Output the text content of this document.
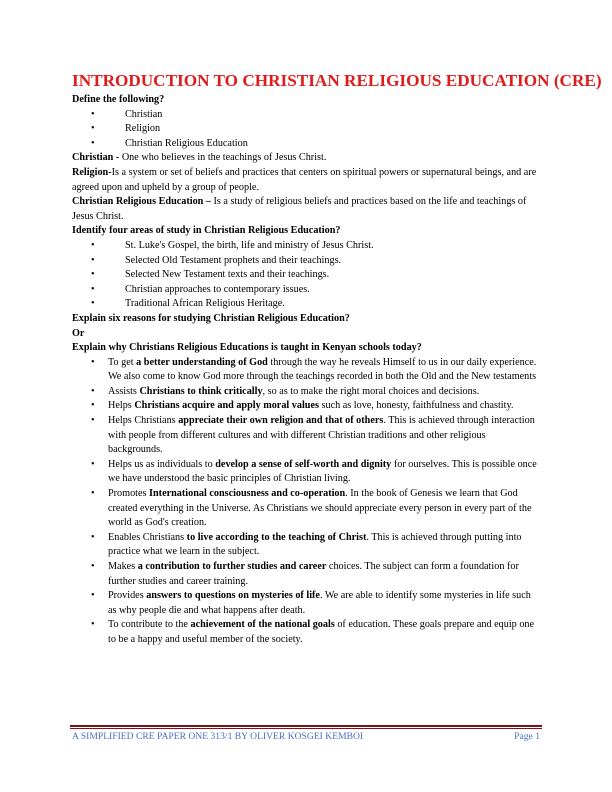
INTRODUCTION TO CHRISTIAN RELIGIOUS EDUCATION (CRE)

Define the following?

• Christian
• Religion
• Christian Religious Education

Christian - One who believes in the teachings of Jesus Christ.

Religion-Is a system or set of beliefs and practices that centers on spiritual powers or supernatural beings, and are agreed upon and upheld by a group of people.

Christian Religious Education – Is a study of religious beliefs and practices based on the life and teachings of Jesus Christ.

Identify four areas of study in Christian Religious Education?

• St. Luke's Gospel, the birth, life and ministry of Jesus Christ.
• Selected Old Testament prophets and their teachings.
• Selected New Testament texts and their teachings.
• Christian approaches to contemporary issues.
• Traditional African Religious Heritage.

Explain six reasons for studying Christian Religious Education?

Or

Explain why Christians Religious Educations is taught in Kenyan schools today?

• To get a better understanding of God through the way he reveals Himself to us in our daily experience. We also come to know God more through the teachings recorded in both the Old and the New testaments
• Assists Christians to think critically, so as to make the right moral choices and decisions.
• Helps Christians acquire and apply moral values such as love, honesty, faithfulness and chastity.
• Helps Christians appreciate their own religion and that of others. This is achieved through interaction with people from different cultures and with different Christian traditions and other religious backgrounds.
• Helps us as individuals to develop a sense of self-worth and dignity for ourselves. This is possible once we have understood the basic principles of Christian living.
• Promotes International consciousness and co-operation. In the book of Genesis we learn that God created everything in the Universe. As Christians we should appreciate every person in every part of the world as God's creation.
• Enables Christians to live according to the teaching of Christ. This is achieved through putting into practice what we learn in the subject.
• Makes a contribution to further studies and career choices. The subject can form a foundation for further studies and career training.
• Provides answers to questions on mysteries of life. We are able to identify some mysteries in life such as why people die and what happens after death.
• To contribute to the achievement of the national goals of education. These goals prepare and equip one to be a happy and useful member of the society.
A SIMPLIFIED CRE PAPER ONE 313/1 BY OLIVER KOSGEI KEMBOI	Page 1
